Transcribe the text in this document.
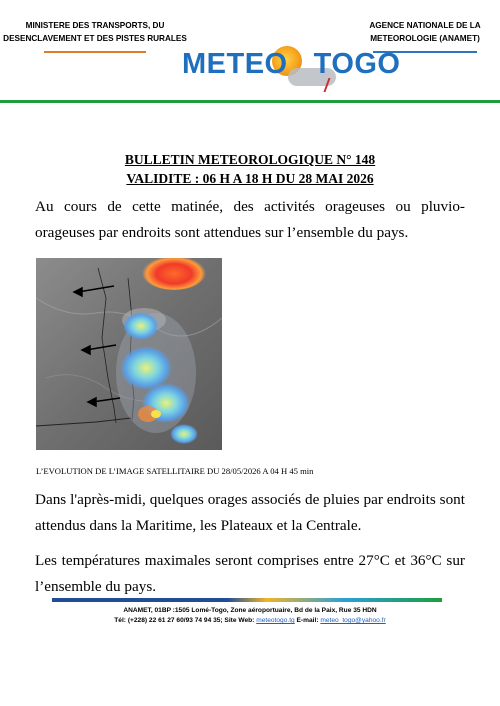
MINISTERE DES TRANSPORTS, DU
DESENCLAVEMENT ET DES PISTES RURALES
AGENCE NATIONALE DE LA
METEOROLOGIE (ANAMET)
METEO TOGO
BULLETIN METEOROLOGIQUE N° 148
VALIDITE : 06 H A 18 H DU 28 MAI 2026
Au cours de cette matinée, des activités orageuses ou pluvio-orageuses par endroits sont attendues sur l’ensemble du pays.
L’EVOLUTION DE L’IMAGE SATELLITAIRE DU 28/05/2026 A 04 H 45 min
Dans l'après-midi, quelques orages associés de pluies par endroits sont attendus dans la Maritime, les Plateaux et la Centrale.
Les températures maximales seront comprises entre 27°C et 36°C sur l’ensemble du pays.
ANAMET, 01BP :1505 Lomé-Togo, Zone aéroportuaire, Bd de la Paix, Rue 35 HDN
Tél: (+228) 22 61 27 60/93 74 94 35; Site Web: meteotogo.tg E-mail: meteo_togo@yahoo.fr
